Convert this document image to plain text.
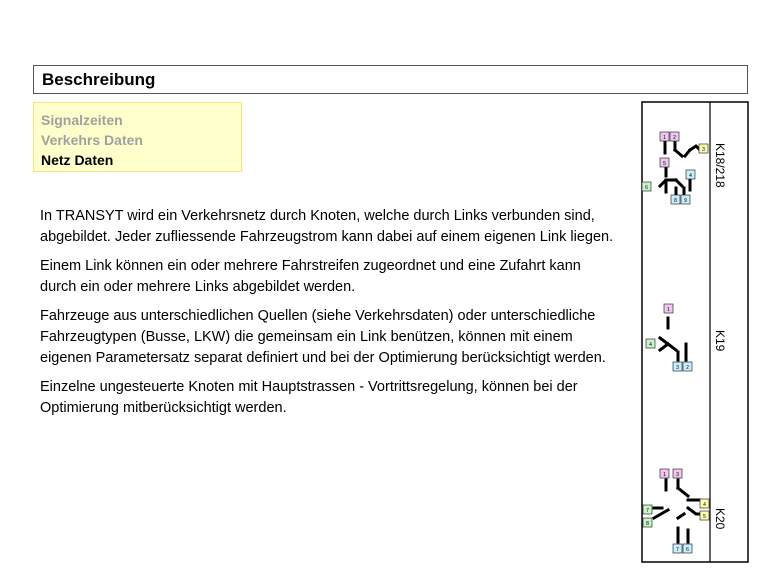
Beschreibung
Signalzeiten
Verkehrs Daten
Netz Daten

In TRANSYT wird ein Verkehrsnetz durch Knoten, welche durch Links verbunden sind, abgebildet. Jeder zufliessende Fahrzeugstrom kann dabei auf einem eigenen Link liegen.

Einem Link können ein oder mehrere Fahrstreifen zugeordnet und eine Zufahrt kann durch ein oder mehrere Links abgebildet werden.

Fahrzeuge aus unterschiedlichen Quellen (siehe Verkehrsdaten) oder unterschiedliche Fahrzeugtypen (Busse, LKW) die gemeinsam ein Link benützen, können mit einem eigenen Parametersatz separat definiert und bei der Optimierung berücksichtigt werden.

Einzelne ungesteuerte Knoten mit Hauptstrassen - Vortrittsregelung, können bei der Optimierung mitberücksichtigt werden.

K18/218
1 2
3
4
5
6
8 9
K19
1
4
3 2
K20
1 3
4
5
7
8
6
7
